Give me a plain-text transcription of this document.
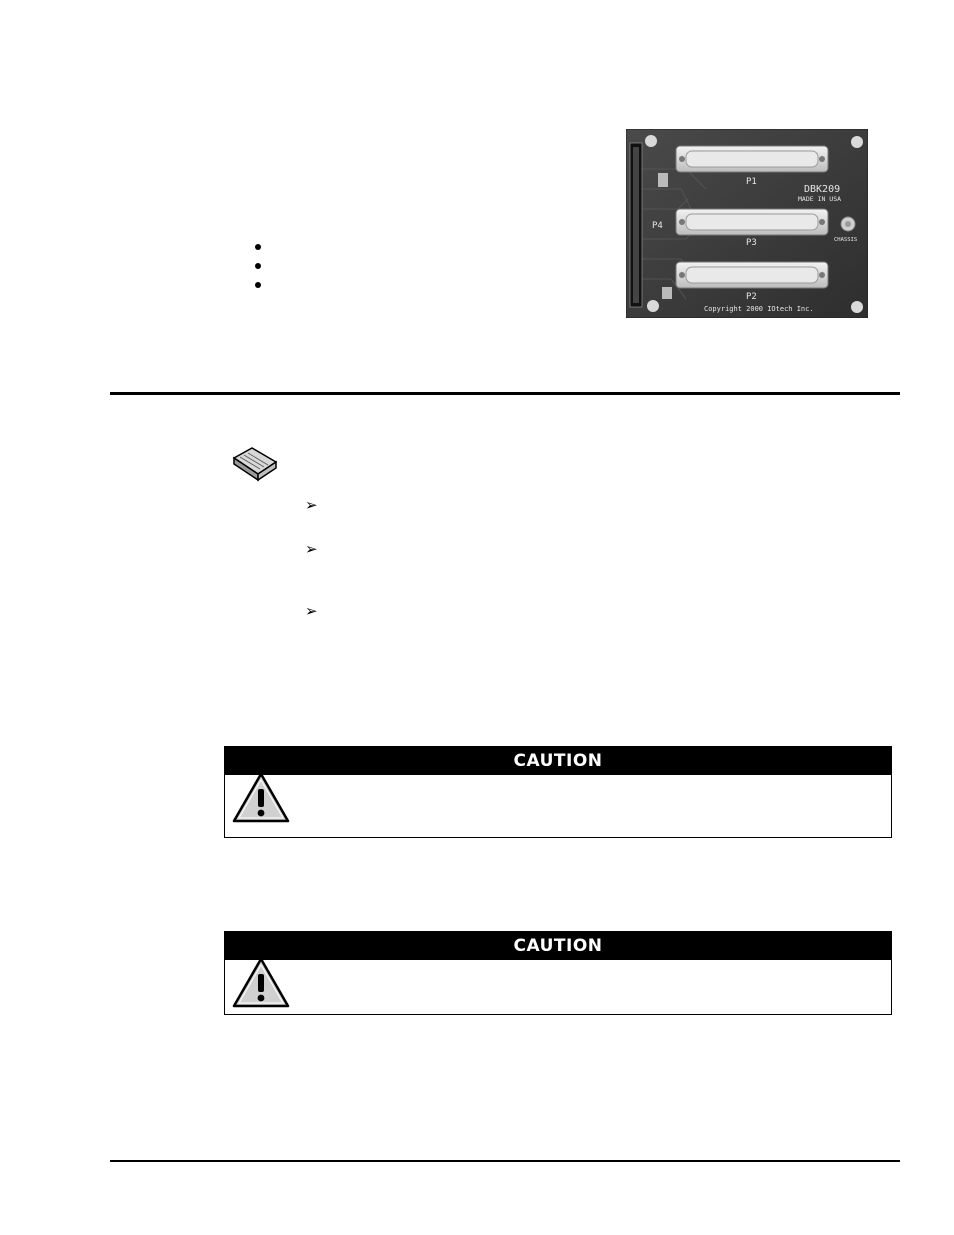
P1
P3
P2
P4
DBK209
MADE IN USA
CHASSIS
Copyright 2000 IOtech Inc.
➢
➢
➢
CAUTION
CAUTION
